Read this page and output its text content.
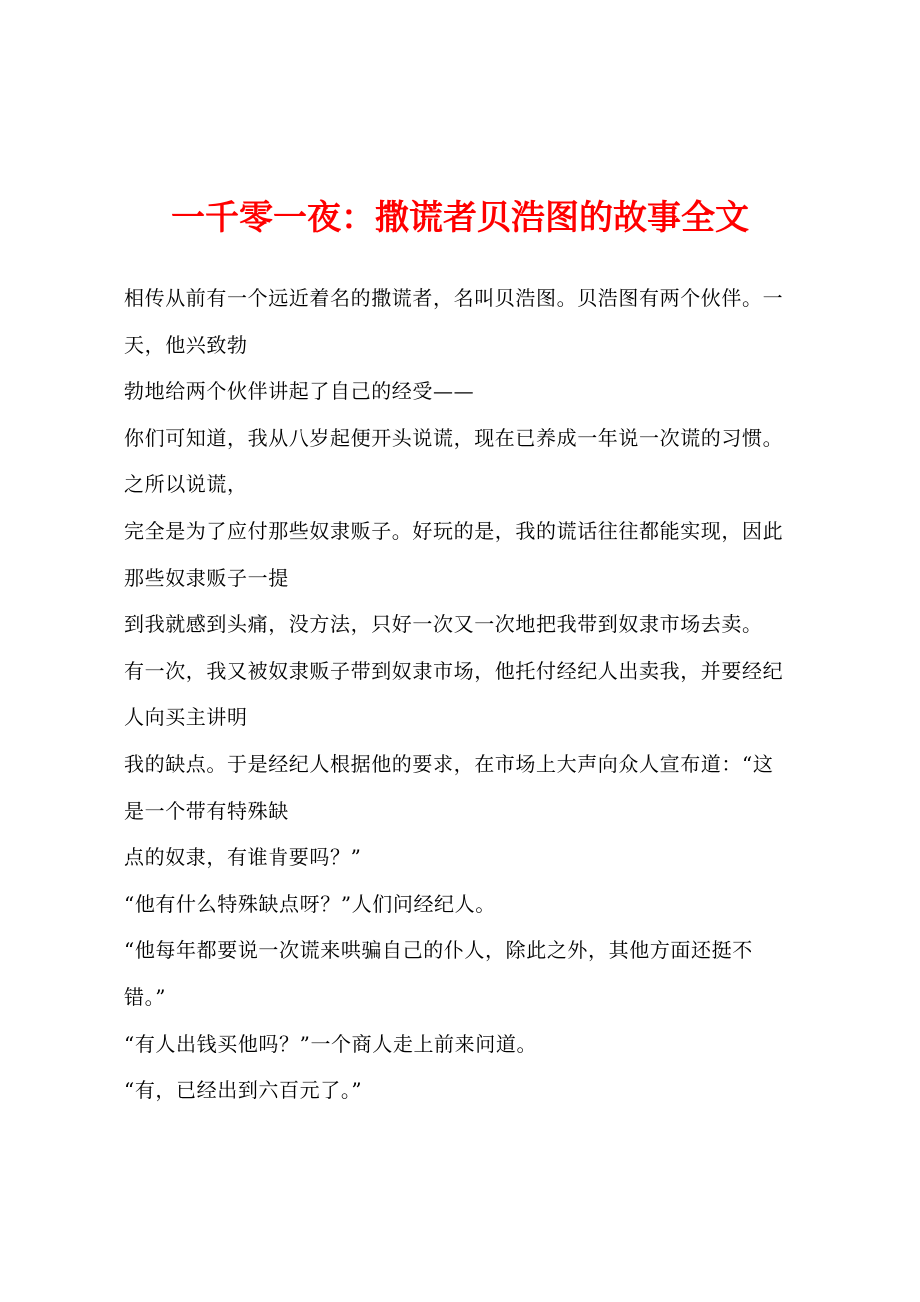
一千零一夜：撒谎者贝浩图的故事全文
相传从前有一个远近着名的撒谎者，名叫贝浩图。贝浩图有两个伙伴。一
天，他兴致勃
勃地给两个伙伴讲起了自己的经受——
你们可知道，我从八岁起便开头说谎，现在已养成一年说一次谎的习惯。
之所以说谎，
完全是为了应付那些奴隶贩子。好玩的是，我的谎话往往都能实现，因此
那些奴隶贩子一提
到我就感到头痛，没方法，只好一次又一次地把我带到奴隶市场去卖。
有一次，我又被奴隶贩子带到奴隶市场，他托付经纪人出卖我，并要经纪
人向买主讲明
我的缺点。于是经纪人根据他的要求，在市场上大声向众人宣布道：“这
是一个带有特殊缺
点的奴隶，有谁肯要吗？”
“他有什么特殊缺点呀？”人们问经纪人。
“他每年都要说一次谎来哄骗自己的仆人，除此之外，其他方面还挺不
错。”
“有人出钱买他吗？”一个商人走上前来问道。
“有，已经出到六百元了。”
